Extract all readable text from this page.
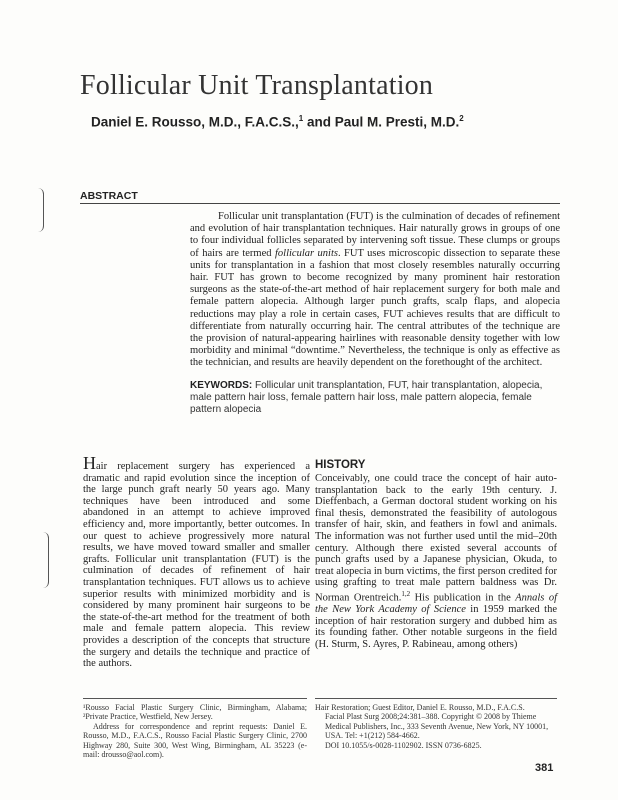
Follicular Unit Transplantation
Daniel E. Rousso, M.D., F.A.C.S.,$^1$ and Paul M. Presti, M.D.$^2$
ABSTRACT

Follicular unit transplantation (FUT) is the culmination of decades of refinement and evolution of hair transplantation techniques. Hair naturally grows in groups of one to four individual follicles separated by intervening soft tissue. These clumps or groups of hairs are termed follicular units. FUT uses microscopic dissection to separate these units for transplantation in a fashion that most closely resembles naturally occurring hair. FUT has grown to become recognized by many prominent hair restoration surgeons as the state-of-the-art method of hair replacement surgery for both male and female pattern alopecia. Although larger punch grafts, scalp flaps, and alopecia reductions may play a role in certain cases, FUT achieves results that are difficult to differentiate from naturally occurring hair. The central attributes of the technique are the provision of natural-appearing hairlines with reasonable density together with low morbidity and minimal “downtime.” Nevertheless, the technique is only as effective as the technician, and results are heavily dependent on the forethought of the architect.

KEYWORDS: Follicular unit transplantation, FUT, hair transplantation, alopecia, male pattern hair loss, female pattern hair loss, male pattern alopecia, female pattern alopecia
Hair replacement surgery has experienced a dramatic and rapid evolution since the inception of the large punch graft nearly 50 years ago. Many techniques have been introduced and some abandoned in an attempt to achieve improved efficiency and, more importantly, better outcomes. In our quest to achieve progressively more natural results, we have moved toward smaller and smaller grafts. Follicular unit transplantation (FUT) is the culmination of decades of refinement of hair transplantation techniques. FUT allows us to achieve superior results with minimized morbidity and is considered by many prominent hair surgeons to be the state-of-the-art method for the treatment of both male and female pattern alopecia. This review provides a description of the concepts that structure the surgery and details the technique and practice of the authors.
HISTORY
Conceivably, one could trace the concept of hair auto-transplantation back to the early 19th century. J. Dieffenbach, a German doctoral student working on his final thesis, demonstrated the feasibility of autologous transfer of hair, skin, and feathers in fowl and animals. The information was not further used until the mid–20th century. Although there existed several accounts of punch grafts used by a Japanese physician, Okuda, to treat alopecia in burn victims, the first person credited for using grafting to treat male pattern baldness was Dr. Norman Orentreich.$^{1,2}$ His publication in the Annals of the New York Academy of Science in 1959 marked the inception of hair restoration surgery and dubbed him as its founding father. Other notable surgeons in the field (H. Sturm, S. Ayres, P. Rabineau, among others)
381

¹Rousso Facial Plastic Surgery Clinic, Birmingham, Alabama; ²Private Practice, Westfield, New Jersey.

Address for correspondence and reprint requests: Daniel E. Rousso, M.D., F.A.C.S., Rousso Facial Plastic Surgery Clinic, 2700 Highway 280, Suite 300, West Wing, Birmingham, AL 35223 (e-mail: drousso@aol.com).

Hair Restoration; Guest Editor, Daniel E. Rousso, M.D., F.A.C.S.

Facial Plast Surg 2008;24:381–388. Copyright © 2008 by Thieme Medical Publishers, Inc., 333 Seventh Avenue, New York, NY 10001, USA. Tel: +1(212) 584-4662.

DOI 10.1055/s-0028-1102902. ISSN 0736-6825.
